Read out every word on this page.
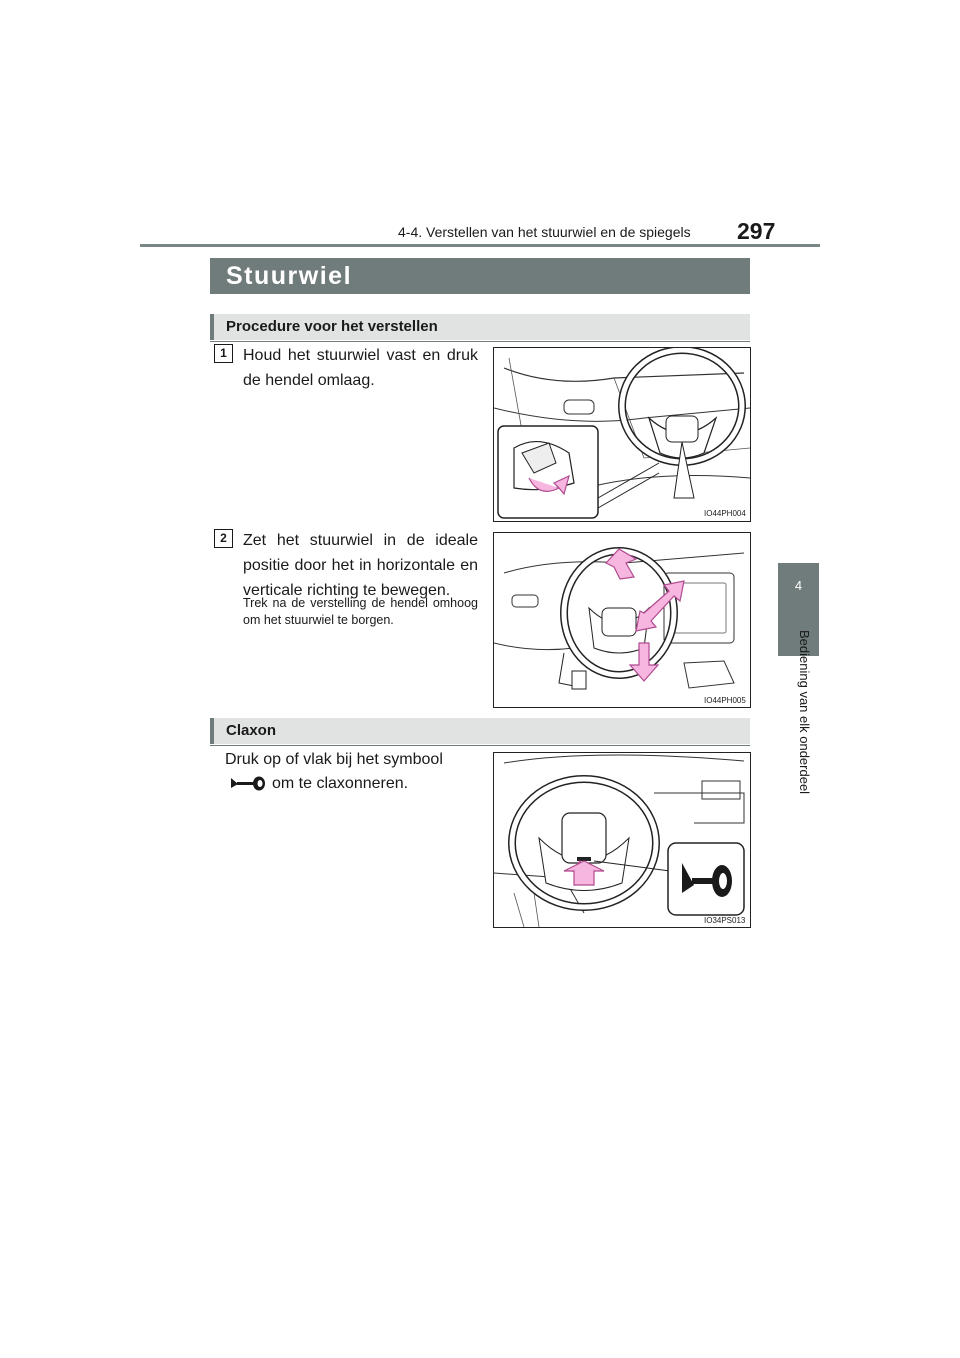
4-4. Verstellen van het stuurwiel en de spiegels 297
4
Bediening van elk onderdeel
Stuurwiel
Procedure voor het verstellen
1	Houd het stuurwiel vast en druk de hendel omlaag.
IO44PH004
2	Zet het stuurwiel in de ideale positie door het in horizontale en verticale richting te bewegen.
Trek na de verstelling de hendel omhoog om het stuurwiel te borgen.
IO44PH005
Claxon
Druk op of vlak bij het symbool
om te claxonneren.
IO34PS013
